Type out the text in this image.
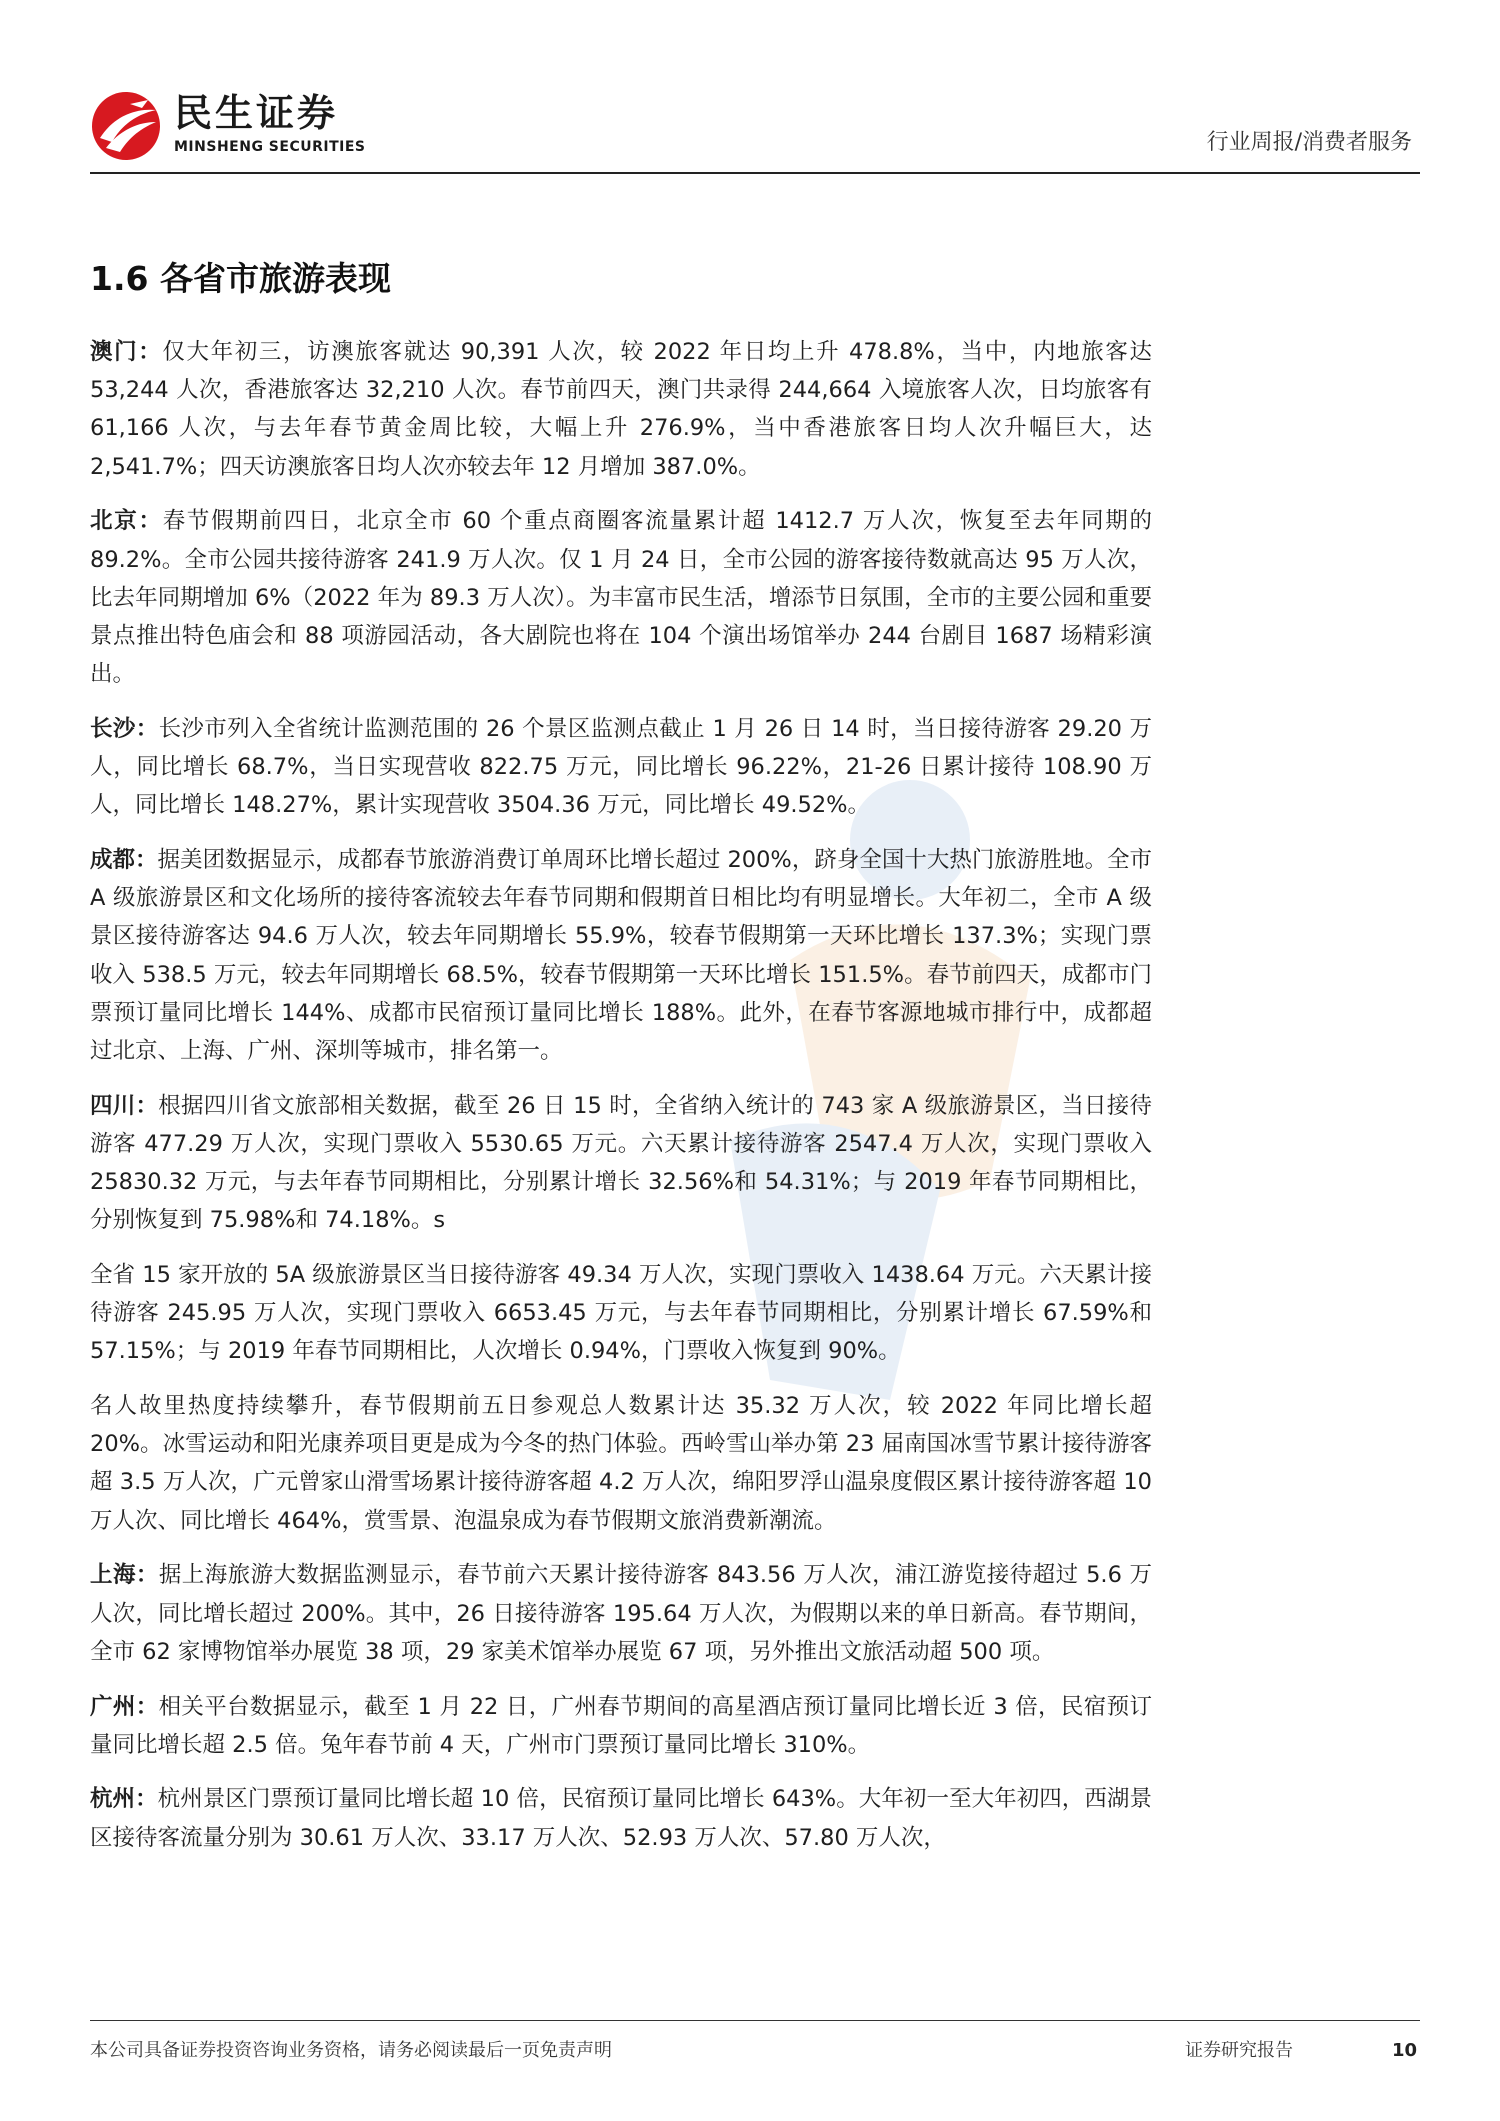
民生证券
MINSHENG SECURITIES	行业周报/消费者服务
1.6 各省市旅游表现

澳门：仅大年初三，访澳旅客就达 90,391 人次，较 2022 年日均上升 478.8%，当中，内地旅客达 53,244 人次，香港旅客达 32,210 人次。春节前四天，澳门共录得 244,664 入境旅客人次，日均旅客有 61,166 人次，与去年春节黄金周比较，大幅上升 276.9%，当中香港旅客日均人次升幅巨大，达 2,541.7%；四天访澳旅客日均人次亦较去年 12 月增加 387.0%。

北京：春节假期前四日，北京全市 60 个重点商圈客流量累计超 1412.7 万人次，恢复至去年同期的 89.2%。全市公园共接待游客 241.9 万人次。仅 1 月 24 日，全市公园的游客接待数就高达 95 万人次，比去年同期增加 6%（2022 年为 89.3 万人次）。为丰富市民生活，增添节日氛围，全市的主要公园和重要景点推出特色庙会和 88 项游园活动，各大剧院也将在 104 个演出场馆举办 244 台剧目 1687 场精彩演出。

长沙：长沙市列入全省统计监测范围的 26 个景区监测点截止 1 月 26 日 14 时，当日接待游客 29.20 万人，同比增长 68.7%，当日实现营收 822.75 万元，同比增长 96.22%，21-26 日累计接待 108.90 万人，同比增长 148.27%，累计实现营收 3504.36 万元，同比增长 49.52%。

成都：据美团数据显示，成都春节旅游消费订单周环比增长超过 200%，跻身全国十大热门旅游胜地。全市 A 级旅游景区和文化场所的接待客流较去年春节同期和假期首日相比均有明显增长。大年初二，全市 A 级景区接待游客达 94.6 万人次，较去年同期增长 55.9%，较春节假期第一天环比增长 137.3%；实现门票收入 538.5 万元，较去年同期增长 68.5%，较春节假期第一天环比增长 151.5%。春节前四天，成都市门票预订量同比增长 144%、成都市民宿预订量同比增长 188%。此外，在春节客源地城市排行中，成都超过北京、上海、广州、深圳等城市，排名第一。

四川：根据四川省文旅部相关数据，截至 26 日 15 时，全省纳入统计的 743 家 A 级旅游景区，当日接待游客 477.29 万人次，实现门票收入 5530.65 万元。六天累计接待游客 2547.4 万人次，实现门票收入 25830.32 万元，与去年春节同期相比，分别累计增长 32.56%和 54.31%；与 2019 年春节同期相比，分别恢复到 75.98%和 74.18%。s

全省 15 家开放的 5A 级旅游景区当日接待游客 49.34 万人次，实现门票收入 1438.64 万元。六天累计接待游客 245.95 万人次，实现门票收入 6653.45 万元，与去年春节同期相比，分别累计增长 67.59%和 57.15%；与 2019 年春节同期相比，人次增长 0.94%，门票收入恢复到 90%。

名人故里热度持续攀升，春节假期前五日参观总人数累计达 35.32 万人次，较 2022 年同比增长超 20%。冰雪运动和阳光康养项目更是成为今冬的热门体验。西岭雪山举办第 23 届南国冰雪节累计接待游客超 3.5 万人次，广元曾家山滑雪场累计接待游客超 4.2 万人次，绵阳罗浮山温泉度假区累计接待游客超 10 万人次、同比增长 464%，赏雪景、泡温泉成为春节假期文旅消费新潮流。

上海：据上海旅游大数据监测显示，春节前六天累计接待游客 843.56 万人次，浦江游览接待超过 5.6 万人次，同比增长超过 200%。其中，26 日接待游客 195.64 万人次，为假期以来的单日新高。春节期间，全市 62 家博物馆举办展览 38 项，29 家美术馆举办展览 67 项，另外推出文旅活动超 500 项。

广州：相关平台数据显示，截至 1 月 22 日，广州春节期间的高星酒店预订量同比增长近 3 倍，民宿预订量同比增长超 2.5 倍。兔年春节前 4 天，广州市门票预订量同比增长 310%。

杭州：杭州景区门票预订量同比增长超 10 倍，民宿预订量同比增长 643%。大年初一至大年初四，西湖景区接待客流量分别为 30.61 万人次、33.17 万人次、52.93 万人次、57.80 万人次，

本公司具备证券投资咨询业务资格，请务必阅读最后一页免责声明	证券研究报告	10
